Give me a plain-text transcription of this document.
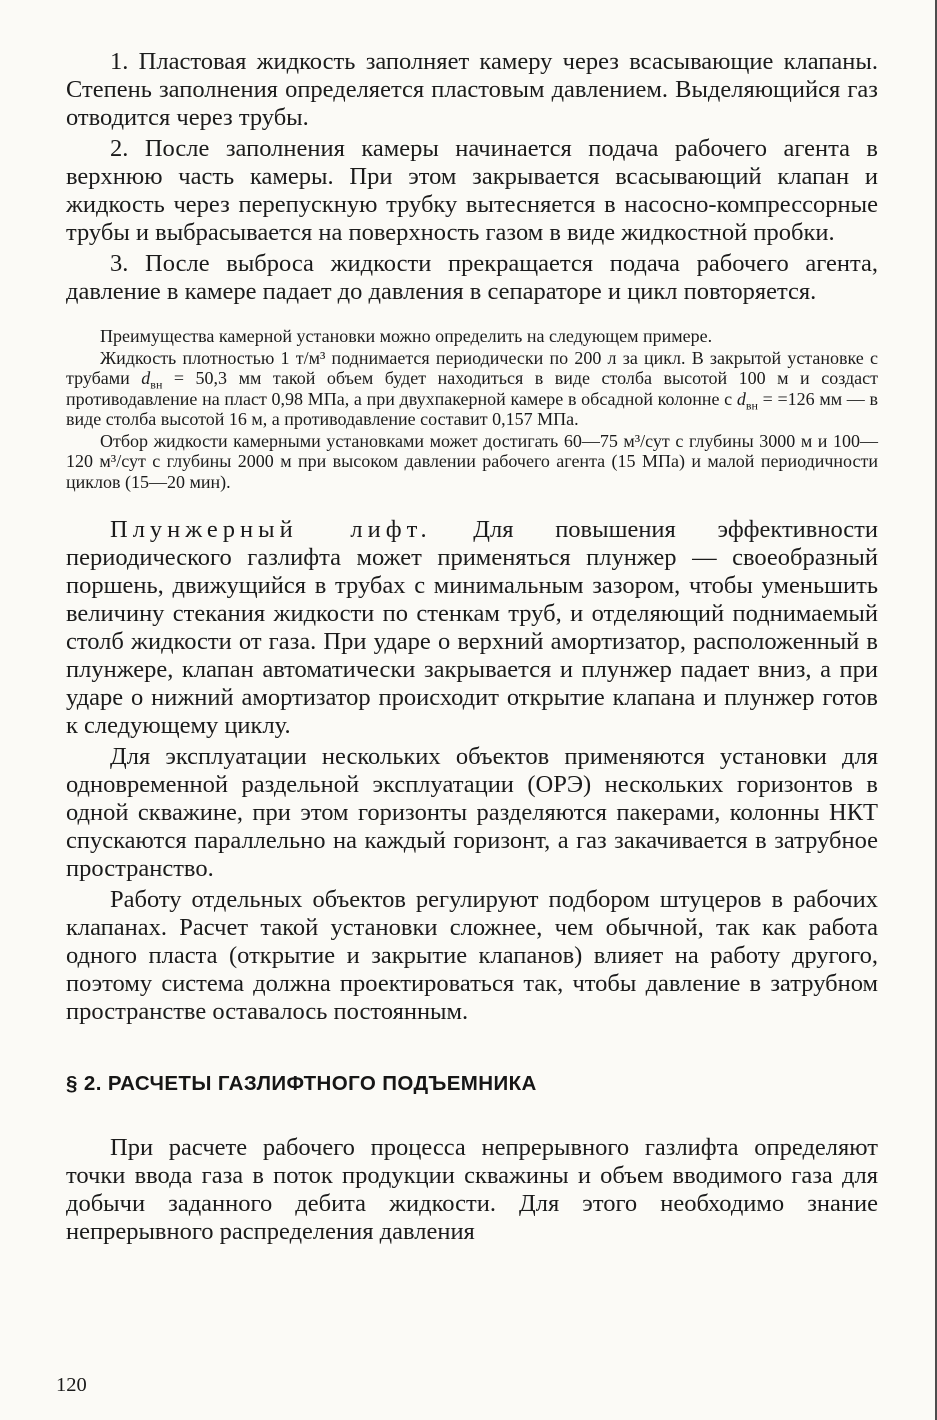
1. Пластовая жидкость заполняет камеру через всасывающие клапаны. Степень заполнения определяется пластовым давлением. Выделяющийся газ отводится через трубы.

2. После заполнения камеры начинается подача рабочего агента в верхнюю часть камеры. При этом закрывается всасывающий клапан и жидкость через перепускную трубку вытесняется в насосно-компрессорные трубы и выбрасывается на поверхность газом в виде жидкостной пробки.

3. После выброса жидкости прекращается подача рабочего агента, давление в камере падает до давления в сепараторе и цикл повторяется.

Преимущества камерной установки можно определить на следующем примере.

Жидкость плотностью 1 т/м³ поднимается периодически по 200 л за цикл. В закрытой установке с трубами $d_{вн} = 50,3$ мм такой объем будет находиться в виде столба высотой 100 м и создаст противодавление на пласт 0,98 МПа, а при двухпакерной камере в обсадной колонне с $d_{вн} = =126$ мм — в виде столба высотой 16 м, а противодавление составит 0,157 МПа.

Отбор жидкости камерными установками может достигать 60—75 м³/сут с глубины 3000 м и 100—120 м³/сут с глубины 2000 м при высоком давлении рабочего агента (15 МПа) и малой периодичности циклов (15—20 мин).

Плунжерный лифт. Для повышения эффективности периодического газлифта может применяться плунжер — своеобразный поршень, движущийся в трубах с минимальным зазором, чтобы уменьшить величину стекания жидкости по стенкам труб, и отделяющий поднимаемый столб жидкости от газа. При ударе о верхний амортизатор, расположенный в плунжере, клапан автоматически закрывается и плунжер падает вниз, а при ударе о нижний амортизатор происходит открытие клапана и плунжер готов к следующему циклу.

Для эксплуатации нескольких объектов применяются установки для одновременной раздельной эксплуатации (ОРЭ) нескольких горизонтов в одной скважине, при этом горизонты разделяются пакерами, колонны НКТ спускаются параллельно на каждый горизонт, а газ закачивается в затрубное пространство.

Работу отдельных объектов регулируют подбором штуцеров в рабочих клапанах. Расчет такой установки сложнее, чем обычной, так как работа одного пласта (открытие и закрытие клапанов) влияет на работу другого, поэтому система должна проектироваться так, чтобы давление в затрубном пространстве оставалось постоянным.

§ 2. РАСЧЕТЫ ГАЗЛИФТНОГО ПОДЪЕМНИКА

При расчете рабочего процесса непрерывного газлифта определяют точки ввода газа в поток продукции скважины и объем вводимого газа для добычи заданного дебита жидкости. Для этого необходимо знание непрерывного распределения давления

120
